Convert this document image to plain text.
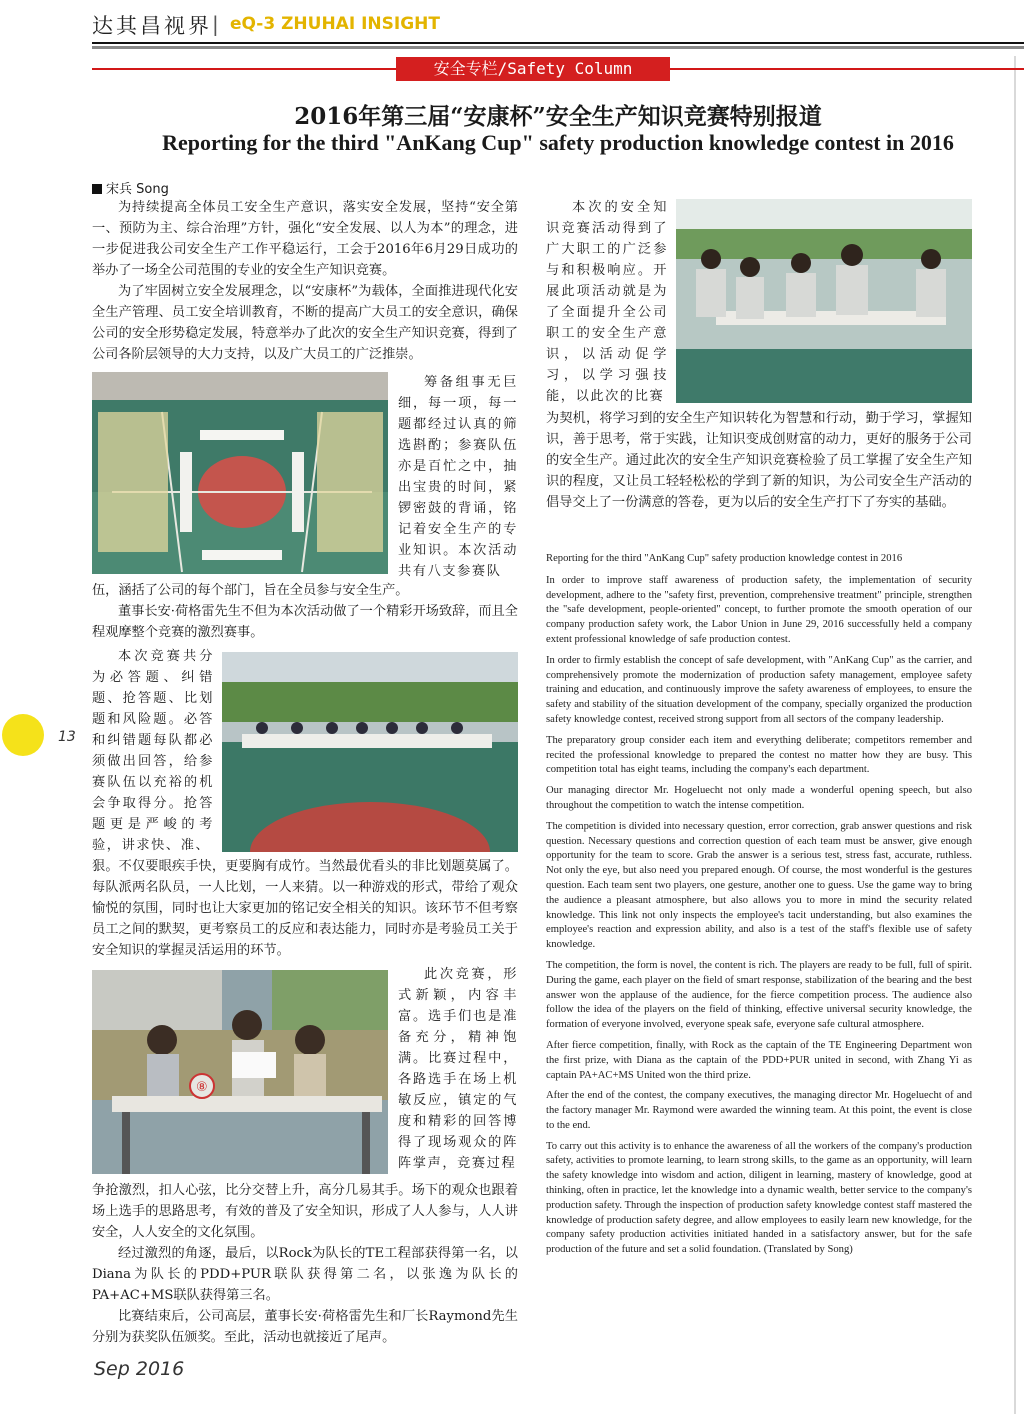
达其昌视界 | eQ-3 ZHUHAI INSIGHT
安全专栏/Safety Column
2016年第三届“安康杯”安全生产知识竞赛特别报道
Reporting for the third "AnKang Cup" safety production knowledge contest in 2016
宋兵 Song

为持续提高全体员工安全生产意识，落实安全发展，坚持“安全第一、预防为主、综合治理”方针，强化“安全发展、以人为本”的理念，进一步促进我公司安全生产工作平稳运行，工会于2016年6月29日成功的举办了一场全公司范围的专业的安全生产知识竞赛。

为了牢固树立安全发展理念，以“安康杯”为载体，全面推进现代化安全生产管理、员工安全培训教育，不断的提高广大员工的安全意识，确保公司的安全形势稳定发展，特意举办了此次的安全生产知识竞赛，得到了公司各阶层领导的大力支持，以及广大员工的广泛推崇。

筹备组事无巨细，每一项，每一题都经过认真的筛选斟酌；参赛队伍亦是百忙之中，抽出宝贵的时间，紧锣密鼓的背诵，铭记着安全生产的专业知识。本次活动共有八支参赛队

伍，涵括了公司的每个部门，旨在全员参与安全生产。

董事长安·荷格雷先生不但为本次活动做了一个精彩开场致辞，而且全程观摩整个竞赛的激烈赛事。

本次竞赛共分为必答题、纠错题、抢答题、比划题和风险题。必答和纠错题每队都必须做出回答，给参赛队伍以充裕的机会争取得分。抢答题更是严峻的考验，讲求快、准、

狠。不仅要眼疾手快，更要胸有成竹。当然最优看头的非比划题莫属了。每队派两名队员，一人比划，一人来猜。以一种游戏的形式，带给了观众愉悦的氛围，同时也让大家更加的铭记安全相关的知识。该环节不但考察员工之间的默契，更考察员工的反应和表达能力，同时亦是考验员工关于安全知识的掌握灵活运用的环节。

⑧

此次竞赛，形式新颖，内容丰富。选手们也是准备充分，精神饱满。比赛过程中，各路选手在场上机敏反应，镇定的气度和精彩的回答博得了现场观众的阵阵掌声，竞赛过程

争抢激烈，扣人心弦，比分交替上升，高分几易其手。场下的观众也跟着场上选手的思路思考，有效的普及了安全知识，形成了人人参与，人人讲安全，人人安全的文化氛围。

经过激烈的角逐，最后，以Rock为队长的TE工程部获得第一名，以Diana为队长的PDD+PUR联队获得第二名，以张逸为队长的PA+AC+MS联队获得第三名。

比赛结束后，公司高层，董事长安·荷格雷先生和厂长Raymond先生分别为获奖队伍颁奖。至此，活动也就接近了尾声。

本次的安全知识竞赛活动得到了广大职工的广泛参与和积极响应。开展此项活动就是为了全面提升全公司职工的安全生产意识，以活动促学习，以学习强技能，以此次的比赛

为契机，将学习到的安全生产知识转化为智慧和行动，勤于学习，掌握知识，善于思考，常于实践，让知识变成创财富的动力，更好的服务于公司的安全生产。通过此次的安全生产知识竞赛检验了员工掌握了安全生产知识的程度，又让员工轻轻松松的学到了新的知识，为公司安全生产活动的倡导交上了一份满意的答卷，更为以后的安全生产打下了夯实的基础。

Reporting for the third "AnKang Cup" safety production knowledge contest in 2016

In order to improve staff awareness of production safety, the implementation of security development, adhere to the "safety first, prevention, comprehensive treatment" principle, strengthen the "safe development, people-oriented" concept, to further promote the smooth operation of our company production safety work, the Labor Union in June 29, 2016 successfully held a company extent professional knowledge of safe production contest.

In order to firmly establish the concept of safe development, with "AnKang Cup" as the carrier, and comprehensively promote the modernization of production safety management, employee safety training and education, and continuously improve the safety awareness of employees, to ensure the safety and stability of the situation development of the company, specially organized the production safety knowledge contest, received strong support from all sectors of the company leadership.

The preparatory group consider each item and everything deliberate; competitors remember and recited the professional knowledge to prepared the contest no matter how they are busy. This competition total has eight teams, including the company's each department.

Our managing director Mr. Hogeluecht not only made a wonderful opening speech, but also throughout the competition to watch the intense competition.

The competition is divided into necessary question, error correction, grab answer questions and risk question. Necessary questions and correction question of each team must be answer, give enough opportunity for the team to score. Grab the answer is a serious test, stress fast, accurate, ruthless. Not only the eye, but also need you prepared enough. Of course, the most wonderful is the gestures question. Each team sent two players, one gesture, another one to guess. Use the game way to bring the audience a pleasant atmosphere, but also allows you to more in mind the security related knowledge. This link not only inspects the employee's tacit understanding, but also examines the employee's reaction and expression ability, and also is a test of the staff's flexible use of safety knowledge.

The competition, the form is novel, the content is rich. The players are ready to be full, full of spirit. During the game, each player on the field of smart response, stabilization of the bearing and the best answer won the applause of the audience, for the fierce competition process. The audience also follow the idea of the players on the field of thinking, effective universal security knowledge, the formation of everyone involved, everyone speak safe, everyone safe cultural atmosphere.

After fierce competition, finally, with Rock as the captain of the TE Engineering Department won the first prize, with Diana as the captain of the PDD+PUR united in second, with Zhang Yi as captain PA+AC+MS United won the third prize.

After the end of the contest, the company executives, the managing director Mr. Hogeluecht of and the factory manager Mr. Raymond were awarded the winning team. At this point, the event is close to the end.

To carry out this activity is to enhance the awareness of all the workers of the company's production safety, activities to promote learning, to learn strong skills, to the game as an opportunity, will learn the safety knowledge into wisdom and action, diligent in learning, mastery of knowledge, good at thinking, often in practice, let the knowledge into a dynamic wealth, better service to the company's production safety. Through the inspection of production safety knowledge contest staff mastered the knowledge of production safety degree, and allow employees to easily learn new knowledge, for the company safety production activities initiated handed in a satisfactory answer, but for the safe production of the future and set a solid foundation. (Translated by Song)

13
Sep 2016
